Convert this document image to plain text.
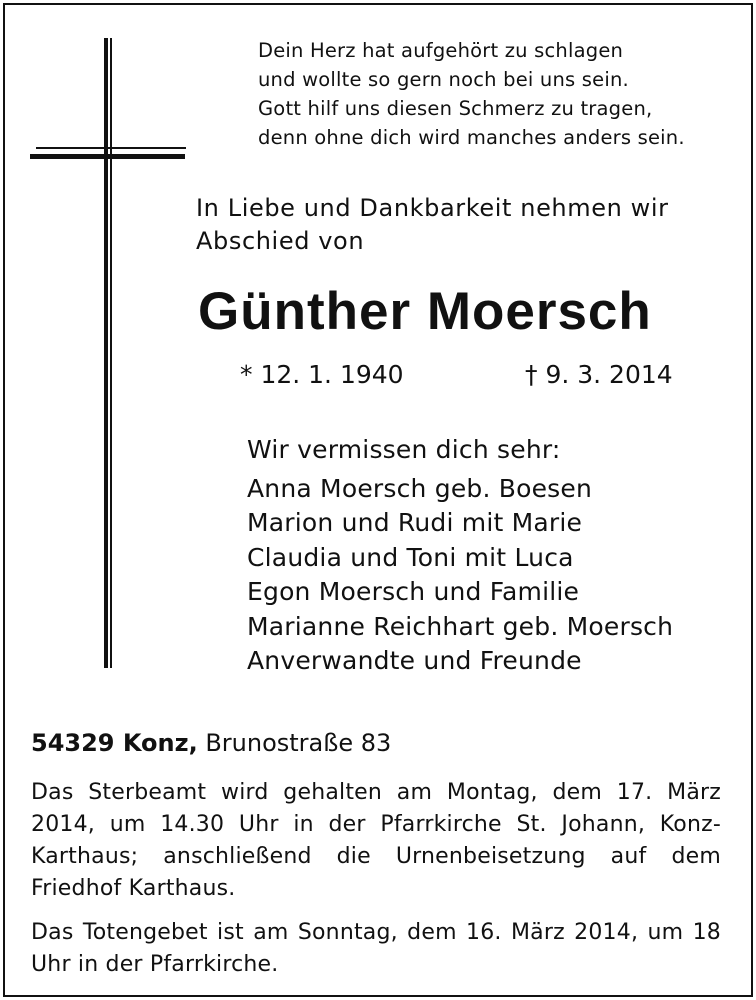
Dein Herz hat aufgehört zu schlagen
und wollte so gern noch bei uns sein.
Gott hilf uns diesen Schmerz zu tragen,
denn ohne dich wird manches anders sein.
In Liebe und Dankbarkeit nehmen wir
Abschied von
Günther Moersch
* 12. 1. 1940	† 9. 3. 2014
Wir vermissen dich sehr:
Anna Moersch geb. Boesen
Marion und Rudi mit Marie
Claudia und Toni mit Luca
Egon Moersch und Familie
Marianne Reichhart geb. Moersch
Anverwandte und Freunde
54329 Konz, Brunostraße 83
Das Sterbeamt wird gehalten am Montag, dem 17. März 2014, um 14.30 Uhr in der Pfarrkirche St. Johann, Konz-Karthaus; anschließend die Urnenbeisetzung auf dem Friedhof Karthaus.
Das Totengebet ist am Sonntag, dem 16. März 2014, um 18 Uhr in der Pfarrkirche.
